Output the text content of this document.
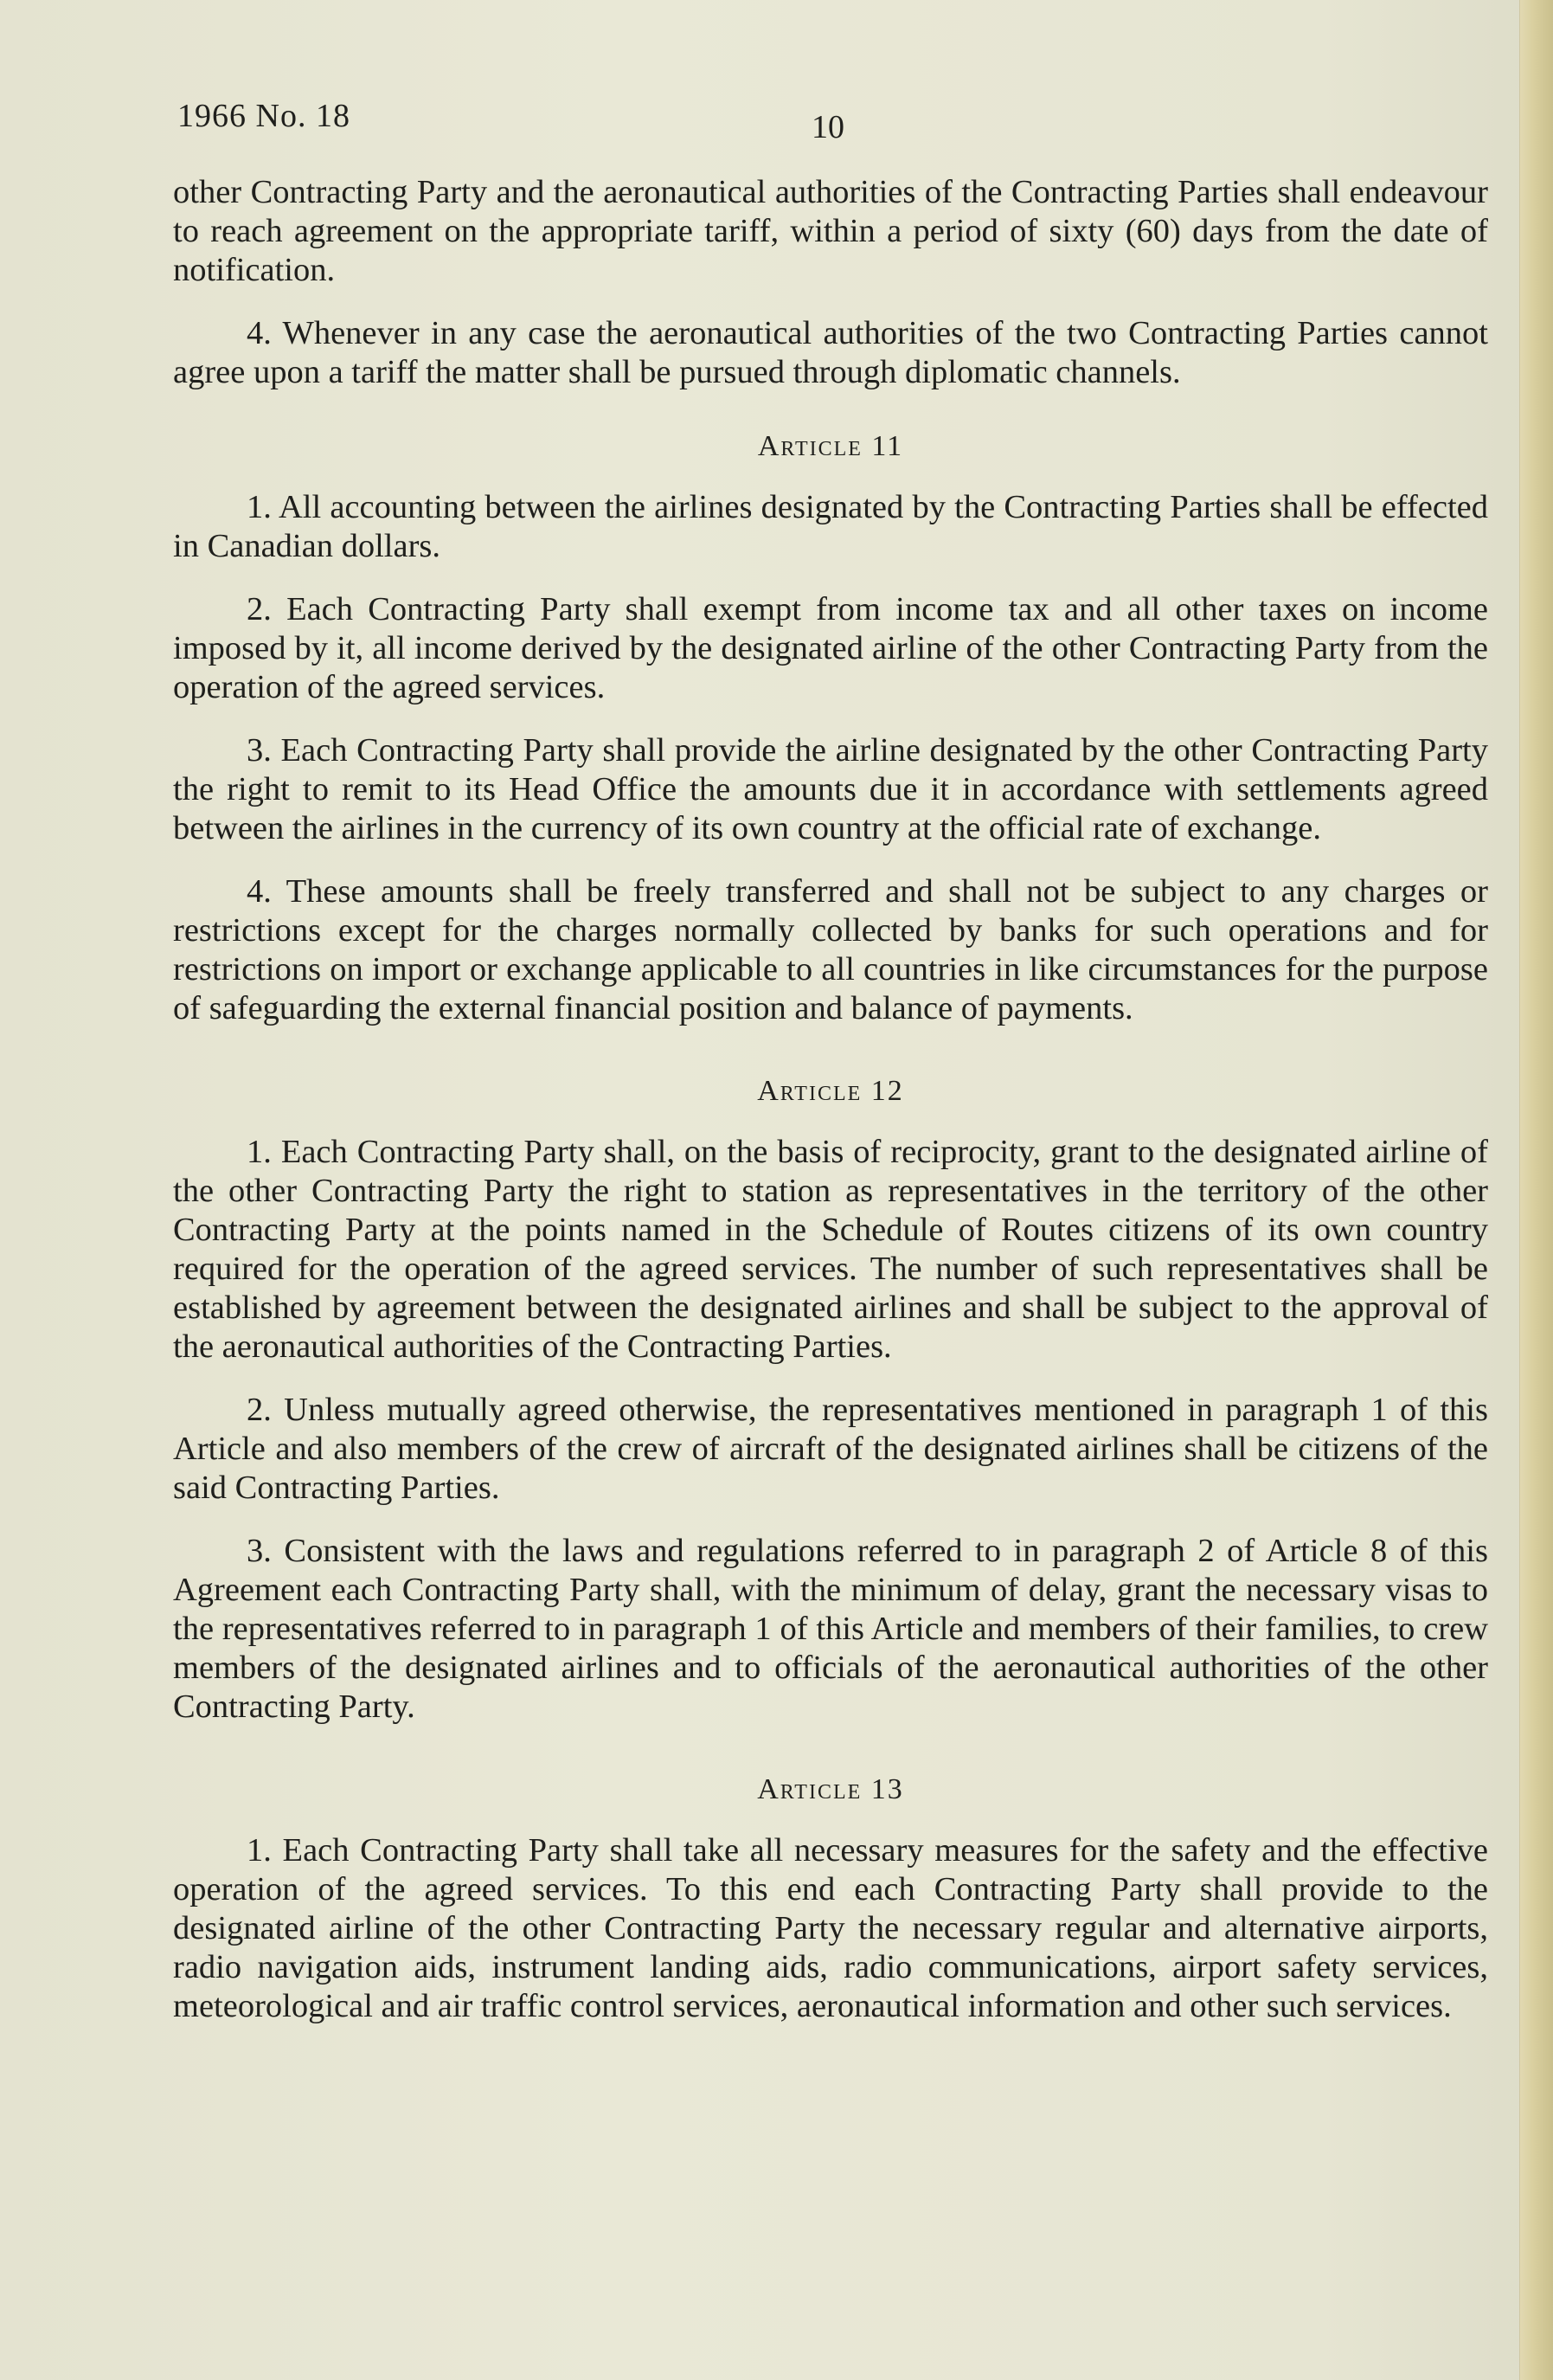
1966 No. 18	10

other Contracting Party and the aeronautical authorities of the Contracting Parties shall endeavour to reach agreement on the appropriate tariff, within a period of sixty (60) days from the date of notification.

4. Whenever in any case the aeronautical authorities of the two Contracting Parties cannot agree upon a tariff the matter shall be pursued through diplomatic channels.

Article 11

1. All accounting between the airlines designated by the Contracting Parties shall be effected in Canadian dollars.

2. Each Contracting Party shall exempt from income tax and all other taxes on income imposed by it, all income derived by the designated airline of the other Contracting Party from the operation of the agreed services.

3. Each Contracting Party shall provide the airline designated by the other Contracting Party the right to remit to its Head Office the amounts due it in accordance with settlements agreed between the airlines in the currency of its own country at the official rate of exchange.

4. These amounts shall be freely transferred and shall not be subject to any charges or restrictions except for the charges normally collected by banks for such operations and for restrictions on import or exchange applicable to all countries in like circumstances for the purpose of safeguarding the external financial position and balance of payments.

Article 12

1. Each Contracting Party shall, on the basis of reciprocity, grant to the designated airline of the other Contracting Party the right to station as representatives in the territory of the other Contracting Party at the points named in the Schedule of Routes citizens of its own country required for the operation of the agreed services. The number of such representatives shall be established by agreement between the designated airlines and shall be subject to the approval of the aeronautical authorities of the Contracting Parties.

2. Unless mutually agreed otherwise, the representatives mentioned in paragraph 1 of this Article and also members of the crew of aircraft of the designated airlines shall be citizens of the said Contracting Parties.

3. Consistent with the laws and regulations referred to in paragraph 2 of Article 8 of this Agreement each Contracting Party shall, with the minimum of delay, grant the necessary visas to the representatives referred to in paragraph 1 of this Article and members of their families, to crew members of the designated airlines and to officials of the aeronautical authorities of the other Contracting Party.

Article 13

1. Each Contracting Party shall take all necessary measures for the safety and the effective operation of the agreed services. To this end each Contracting Party shall provide to the designated airline of the other Contracting Party the necessary regular and alternative airports, radio navigation aids, instrument landing aids, radio communications, airport safety services, meteorological and air traffic control services, aeronautical information and other such services.
